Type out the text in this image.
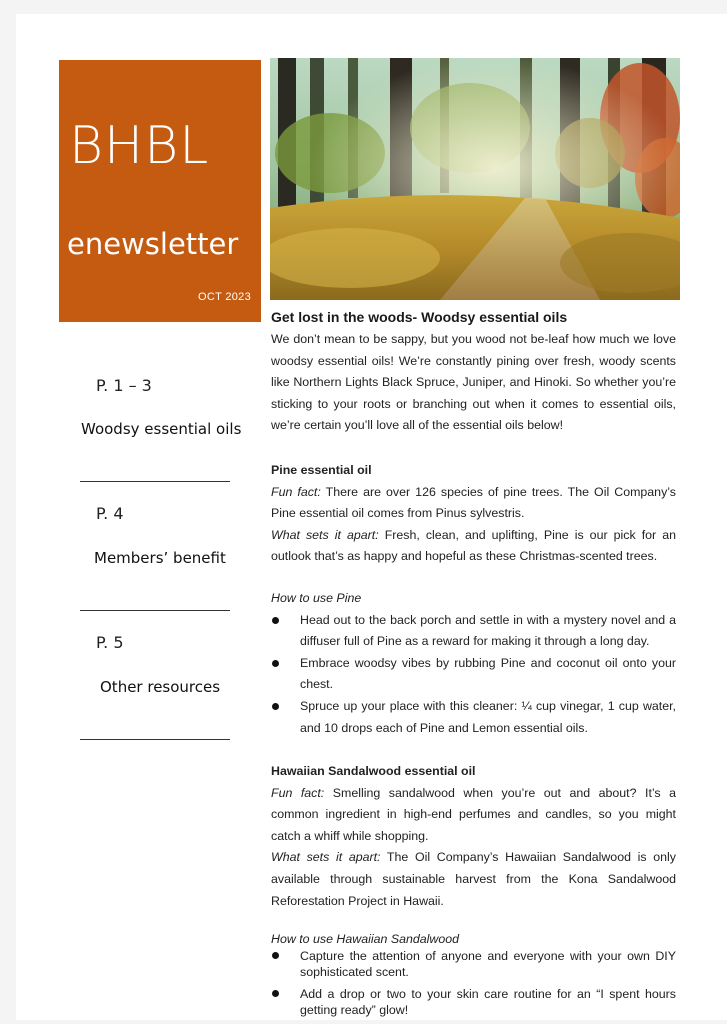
BHBL
enewsletter
OCT 2023
P. 1 – 3
Woodsy essential oils
P. 4
Members’ benefit
P. 5
Other resources
Get lost in the woods- Woodsy essential oils

We don’t mean to be sappy, but you wood not be-leaf how much we love woodsy essential oils! We’re constantly pining over fresh, woody scents like Northern Lights Black Spruce, Juniper, and Hinoki. So whether you’re sticking to your roots or branching out when it comes to essential oils, we’re certain you’ll love all of the essential oils below!

Pine essential oil

Fun fact: There are over 126 species of pine trees. The Oil Company’s Pine essential oil comes from Pinus sylvestris.

What sets it apart: Fresh, clean, and uplifting, Pine is our pick for an outlook that’s as happy and hopeful as these Christmas-scented trees.

How to use Pine
Head out to the back porch and settle in with a mystery novel and a diffuser full of Pine as a reward for making it through a long day.
Embrace woodsy vibes by rubbing Pine and coconut oil onto your chest.
Spruce up your place with this cleaner: ¼ cup vinegar, 1 cup water, and 10 drops each of Pine and Lemon essential oils.
Hawaiian Sandalwood essential oil

Fun fact: Smelling sandalwood when you’re out and about? It’s a common ingredient in high-end perfumes and candles, so you might catch a whiff while shopping.

What sets it apart: The Oil Company’s Hawaiian Sandalwood is only available through sustainable harvest from the Kona Sandalwood Reforestation Project in Hawaii.

How to use Hawaiian Sandalwood
Capture the attention of anyone and everyone with your own DIY sophisticated scent.
Add a drop or two to your skin care routine for an “I spent hours getting ready” glow!
